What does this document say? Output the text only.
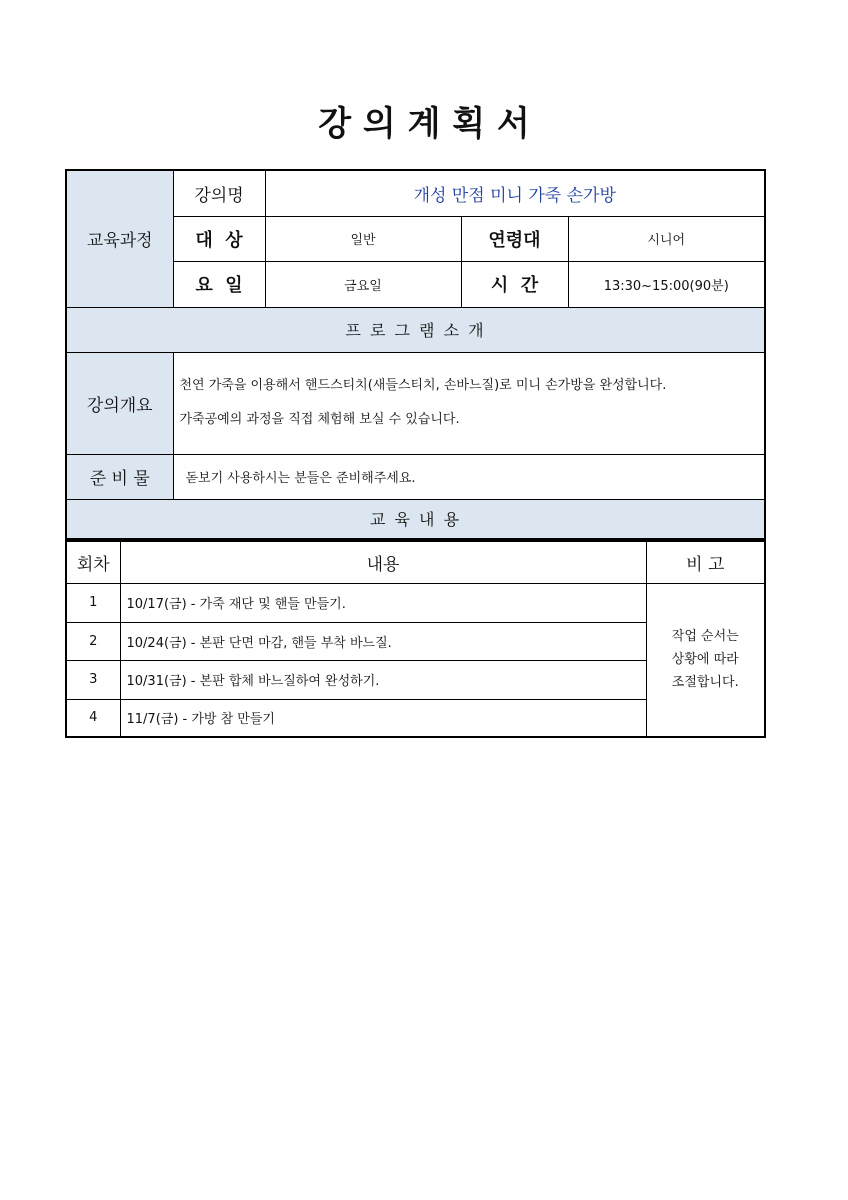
강 의 계 획 서
교육과정	강의명	개성 만점 미니 가죽 손가방		
	대  상	일반	연령대	시니어
	요  일	금요일	시  간	13:30~15:00(90분)
프 로 그 램 소 개				
강의개요	천연 가죽을 이용해서 핸드스티치(새들스티치, 손바느질)로 미니 손가방을 완성합니다.
가죽공예의 과정을 직접 체험해 보실 수 있습니다.			

준 비 물	돋보기 사용하시는 분들은 준비해주세요.			
교 육 내 용				
회차	내용	비 고
1	10/17(금) - 가죽 재단 및 핸들 만들기.	작업 순서는
상황에 따라
조절합니다.

2	10/24(금) - 본판 단면 마감, 핸들 부착 바느질.	
3	10/31(금) - 본판 합체 바느질하여 완성하기.	
4	11/7(금) - 가방 참 만들기	
